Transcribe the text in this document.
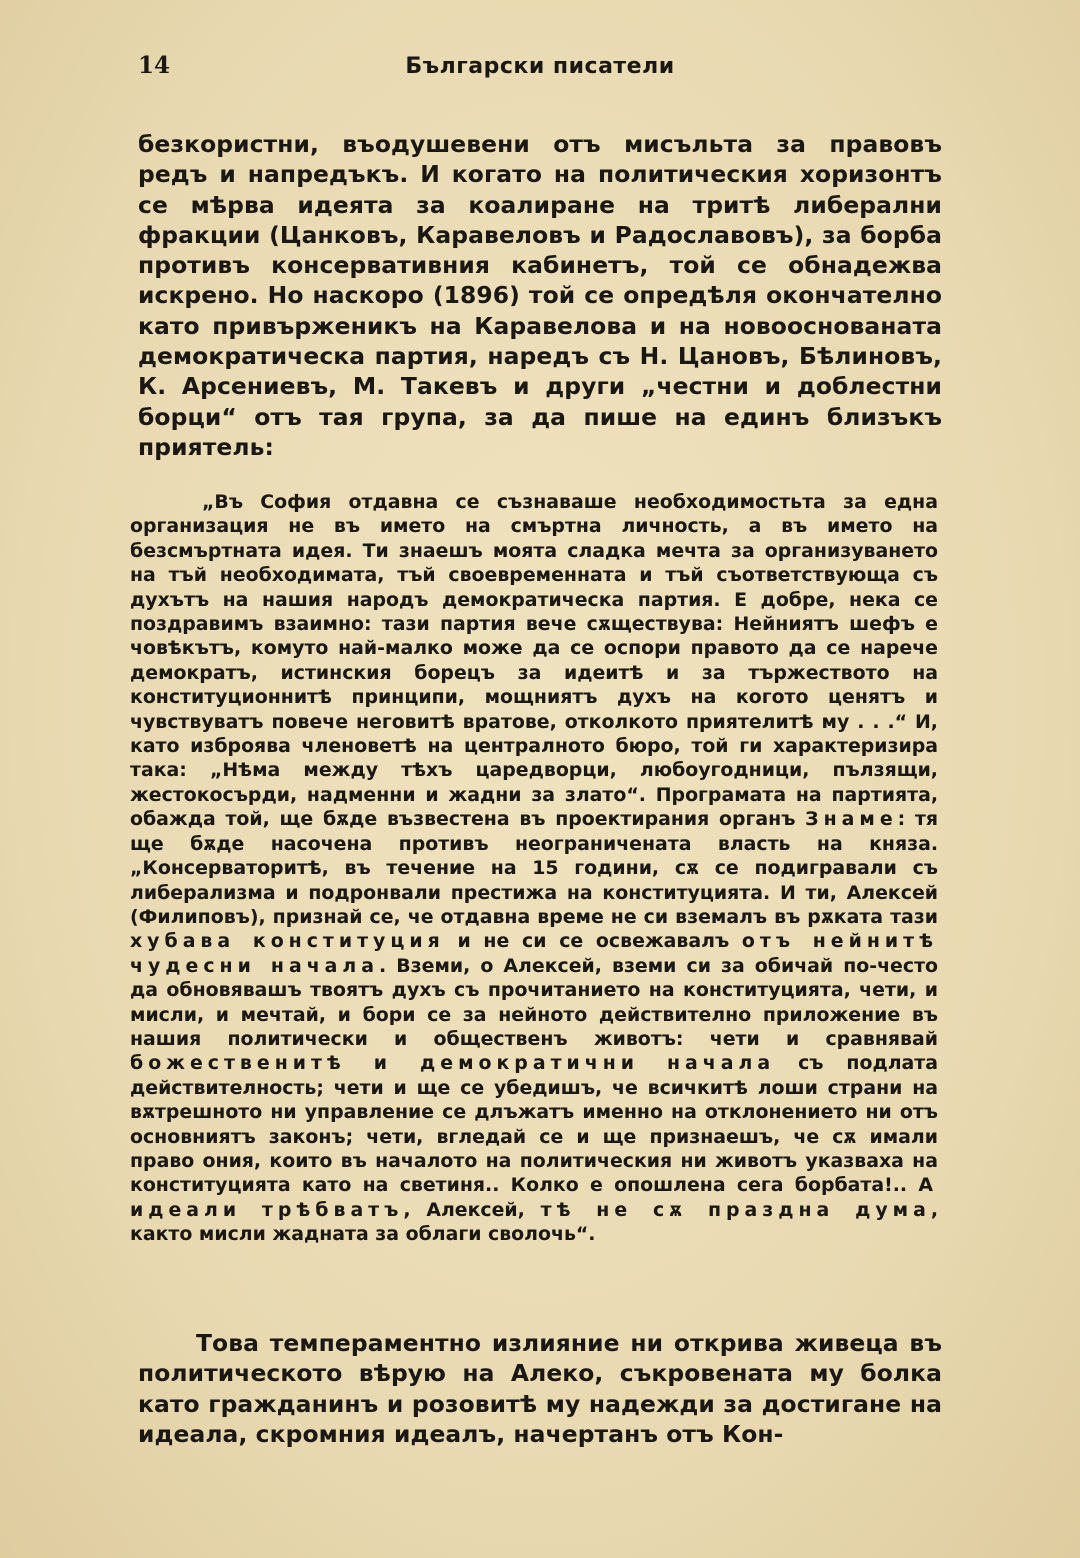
14	Български писатели
безкористни, въодушевени отъ мисъльта за правовъ редъ и напредъкъ. И когато на политическия хоризонтъ се мѣрва идеята за коалиране на тритѣ либерални фракции (Цанковъ, Каравеловъ и Радославовъ), за борба противъ консервативния кабинетъ, той се обнадежва искрено. Но наскоро (1896) той се опредѣля окончателно като привърженикъ на Каравелова и на новооснованата демократическа партия, наредъ съ Н. Цановъ, Бѣлиновъ, К. Арсениевъ, М. Такевъ и други „честни и доблестни борци“ отъ тая група, за да пише на единъ близъкъ приятель:
„Въ София отдавна се съзнаваше необходимостьта за една организация не въ името на смъртна личность, а въ името на безсмъртната идея. Ти знаешъ моята сладка мечта за организуването на тъй необходимата, тъй своевременната и тъй съответствующа съ духътъ на нашия народъ демократическа партия. Е добре, нека се поздравимъ взаимно: тази партия вече сѫществува: Нейниятъ шефъ е човѣкътъ, комуто най-малко може да се оспори правото да се нарече демократъ, истинския борецъ за идеитѣ и за тържеството на конституционнитѣ принципи, мощниятъ духъ на когото ценятъ и чувствуватъ повече неговитѣ вратове, отколкото приятелитѣ му . . .“ И, като изброява членоветѣ на централното бюро, той ги характеризира така: „Нѣма между тѣхъ царедворци, любоугодници, пълзящи, жестокосърди, надменни и жадни за злато“. Програмата на партията, обажда той, ще бѫде възвестена въ проектирания органъ Знаме: тя ще бѫде насочена противъ неограничената власть на княза. „Консерваторитѣ, въ течение на 15 години, сѫ се подигравали съ либерализма и подронвали престижа на конституцията. И ти, Алексей (Филиповъ), признай се, че отдавна време не си вземалъ въ рѫката тази хубава конституция и не си се освежавалъ отъ нейнитѣ чудесни начала. Вземи, о Алексей, вземи си за обичай по-често да обновявашъ твоятъ духъ съ прочитанието на конституцията, чети, и мисли, и мечтай, и бори се за нейното действително приложение въ нашия политически и общественъ животъ: чети и сравнявай божественитѣ и демократични начала съ подлата действителность; чети и ще се убедишъ, че всичкитѣ лоши страни на вѫтрешното ни управление се длъжатъ именно на отклонението ни отъ основниятъ законъ; чети, вгледай се и ще признаешъ, че сѫ имали право ония, които въ началото на политическия ни животъ указваха на конституцията като на светиня.. Колко е опошлена сега борбата!.. А идеали трѣбватъ, Алексей, тѣ не сѫ празднa дума, както мисли жадната за облаги сволочь“.
Това темпераментно излияние ни открива живеца въ политическото вѣрую на Алеко, съкровената му болка като гражданинъ и розовитѣ му надежди за достигане на идеала, скромния идеалъ, начертанъ отъ Кон-
